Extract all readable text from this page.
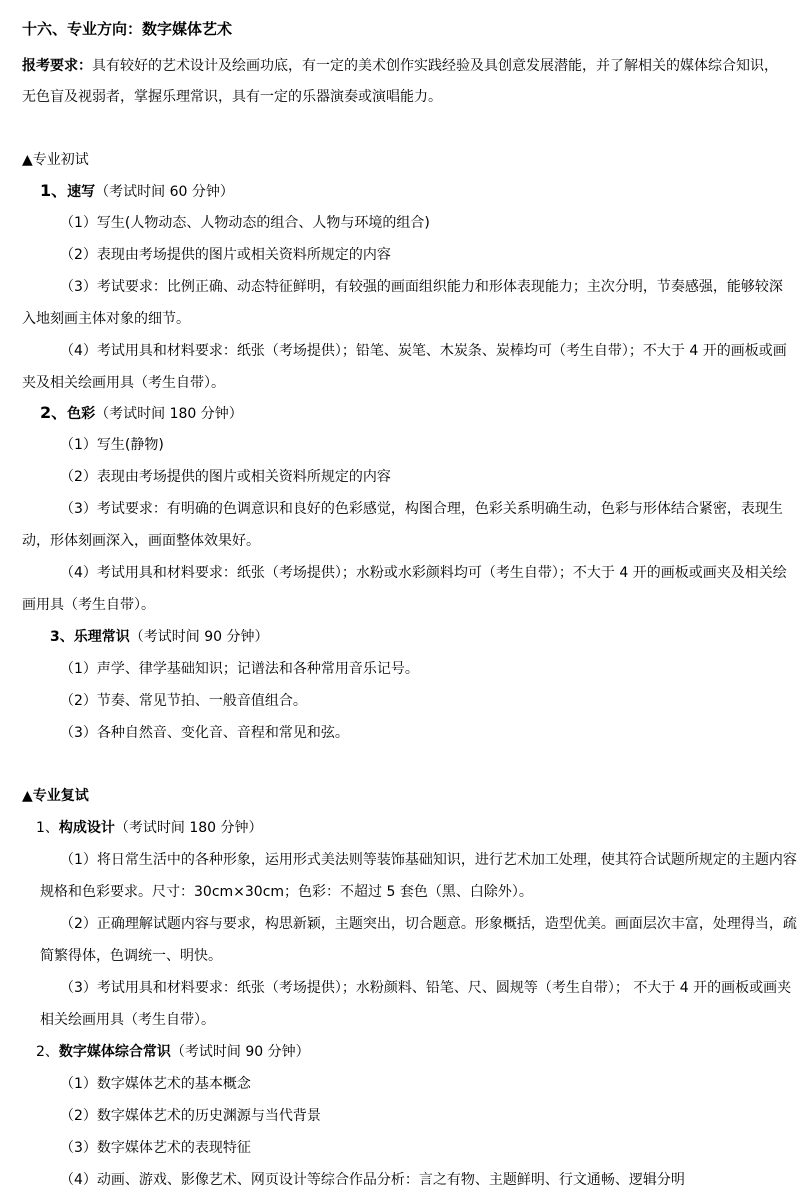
十六、专业方向：数字媒体艺术
报考要求：具有较好的艺术设计及绘画功底，有一定的美术创作实践经验及具创意发展潜能，并了解相关的媒体综合知识，
无色盲及视弱者，掌握乐理常识，具有一定的乐器演奏或演唱能力。
▲专业初试
1、速写（考试时间 60 分钟）
（1）写生(人物动态、人物动态的组合、人物与环境的组合)
（2）表现由考场提供的图片或相关资料所规定的内容
（3）考试要求：比例正确、动态特征鲜明，有较强的画面组织能力和形体表现能力；主次分明，节奏感强，能够较深
入地刻画主体对象的细节。
（4）考试用具和材料要求：纸张（考场提供）；铅笔、炭笔、木炭条、炭棒均可（考生自带）；不大于 4 开的画板或画
夹及相关绘画用具（考生自带）。
2、色彩（考试时间 180 分钟）
（1）写生(静物)
（2）表现由考场提供的图片或相关资料所规定的内容
（3）考试要求：有明确的色调意识和良好的色彩感觉，构图合理，色彩关系明确生动，色彩与形体结合紧密，表现生
动，形体刻画深入，画面整体效果好。
（4）考试用具和材料要求：纸张（考场提供）；水粉或水彩颜料均可（考生自带）；不大于 4 开的画板或画夹及相关绘
画用具（考生自带）。
3、乐理常识（考试时间 90 分钟）
（1）声学、律学基础知识；记谱法和各种常用音乐记号。
（2）节奏、常见节拍、一般音值组合。
（3）各种自然音、变化音、音程和常见和弦。
▲专业复试
1、构成设计（考试时间 180 分钟）
（1）将日常生活中的各种形象，运用形式美法则等装饰基础知识，进行艺术加工处理，使其符合试题所规定的主题内容
规格和色彩要求。尺寸：30cm×30cm；色彩：不超过 5 套色（黑、白除外）。
（2）正确理解试题内容与要求，构思新颖，主题突出，切合题意。形象概括，造型优美。画面层次丰富，处理得当，疏
简繁得体，色调统一、明快。
（3）考试用具和材料要求：纸张（考场提供）；水粉颜料、铅笔、尺、圆规等（考生自带）； 不大于 4 开的画板或画夹
相关绘画用具（考生自带）。
2、数字媒体综合常识（考试时间 90 分钟）
（1）数字媒体艺术的基本概念
（2）数字媒体艺术的历史渊源与当代背景
（3）数字媒体艺术的表现特征
（4）动画、游戏、影像艺术、网页设计等综合作品分析：言之有物、主题鲜明、行文通畅、逻辑分明
